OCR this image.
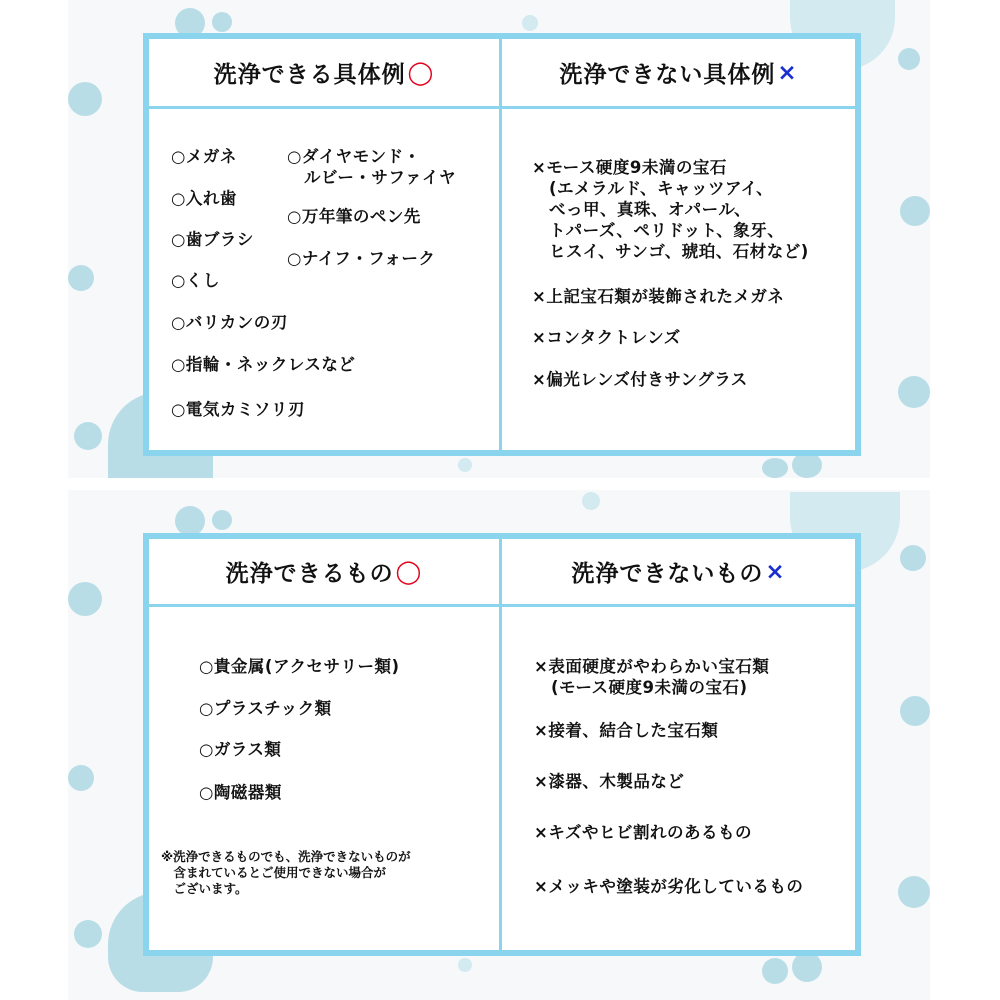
洗浄できる具体例 ◯	洗浄できない具体例 ×
○メガネ
○入れ歯
○歯ブラシ
○くし
○バリカンの刃
○指輪・ネックレスなど
○電気カミソリ刃
○ダイヤモンド・
　ルビー・サファイヤ
○万年筆のペン先
○ナイフ・フォーク
×モース硬度9未満の宝石
　(エメラルド、キャッツアイ、
　べっ甲、真珠、オパール、
　トパーズ、ペリドット、象牙、
　ヒスイ、サンゴ、琥珀、石材など)
×上記宝石類が装飾されたメガネ
×コンタクトレンズ
×偏光レンズ付きサングラス
洗浄できるもの ◯	洗浄できないもの ×
○貴金属(アクセサリー類)
○プラスチック類
○ガラス類
○陶磁器類
※洗浄できるものでも、洗浄できないものが
　含まれているとご使用できない場合が
　ございます。
×表面硬度がやわらかい宝石類
　(モース硬度9未満の宝石)
×接着、結合した宝石類
×漆器、木製品など
×キズやヒビ割れのあるもの
×メッキや塗装が劣化しているもの
